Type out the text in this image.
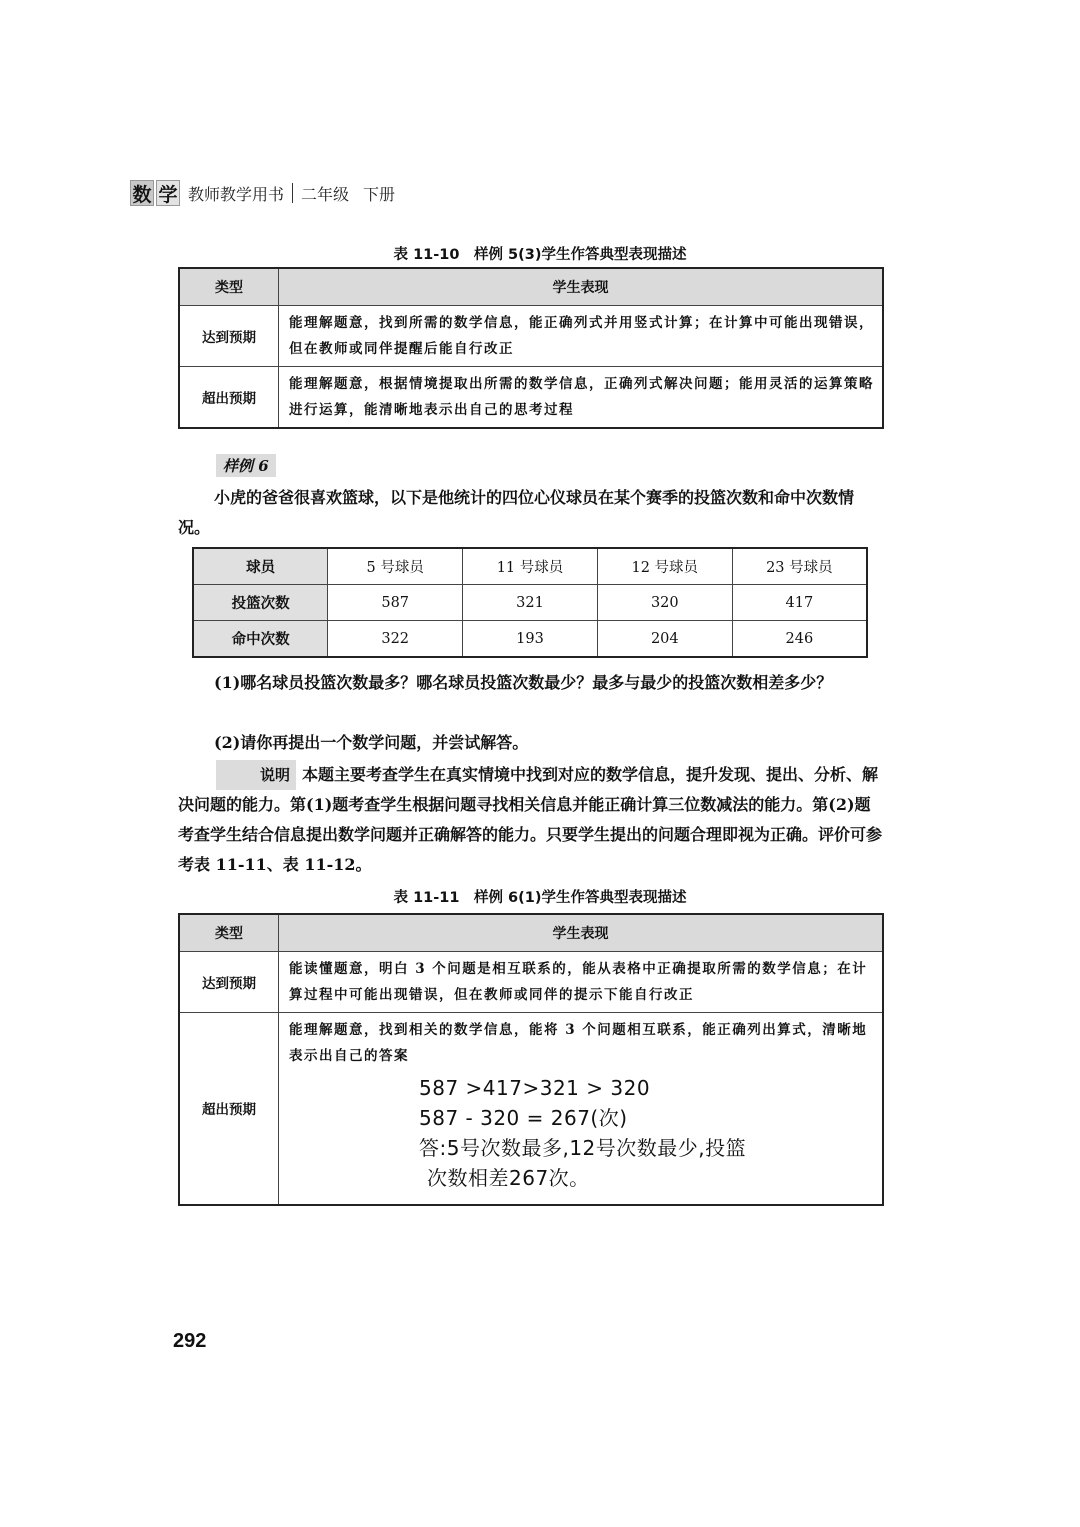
数 学 教师教学用书 二年级 下册
表 11-10　样例 5(3)学生作答典型表现描述
类型	学生表现
达到预期	能理解题意，找到所需的数学信息，能正确列式并用竖式计算；在计算中可能出现错误，但在教师或同伴提醒后能自行改正
超出预期	能理解题意，根据情境提取出所需的数学信息，正确列式解决问题；能用灵活的运算策略进行运算，能清晰地表示出自己的思考过程
样例 6

小虎的爸爸很喜欢篮球，以下是他统计的四位心仪球员在某个赛季的投篮次数和命中次数情况。

球员	5 号球员	11 号球员	12 号球员	23 号球员
投篮次数	587	321	320	417
命中次数	322	193	204	246

(1)哪名球员投篮次数最多？哪名球员投篮次数最少？最多与最少的投篮次数相差多少？

(2)请你再提出一个数学问题，并尝试解答。

说明 本题主要考查学生在真实情境中找到对应的数学信息，提升发现、提出、分析、解决问题的能力。第(1)题考查学生根据问题寻找相关信息并能正确计算三位数减法的能力。第(2)题考查学生结合信息提出数学问题并正确解答的能力。只要学生提出的问题合理即视为正确。评价可参考表 11-11、表 11-12。

表 11-11　样例 6(1)学生作答典型表现描述
类型	学生表现
达到预期	能读懂题意，明白 3 个问题是相互联系的，能从表格中正确提取所需的数学信息；在计算过程中可能出现错误，但在教师或同伴的提示下能自行改正
超出预期	能理解题意，找到相关的数学信息，能将 3 个问题相互联系，能正确列出算式，清晰地表示出自己的答案
587 >417>321 > 320
587 - 320 = 267(次)
答:5号次数最多,12号次数最少,投篮
次数相差267次。
292
